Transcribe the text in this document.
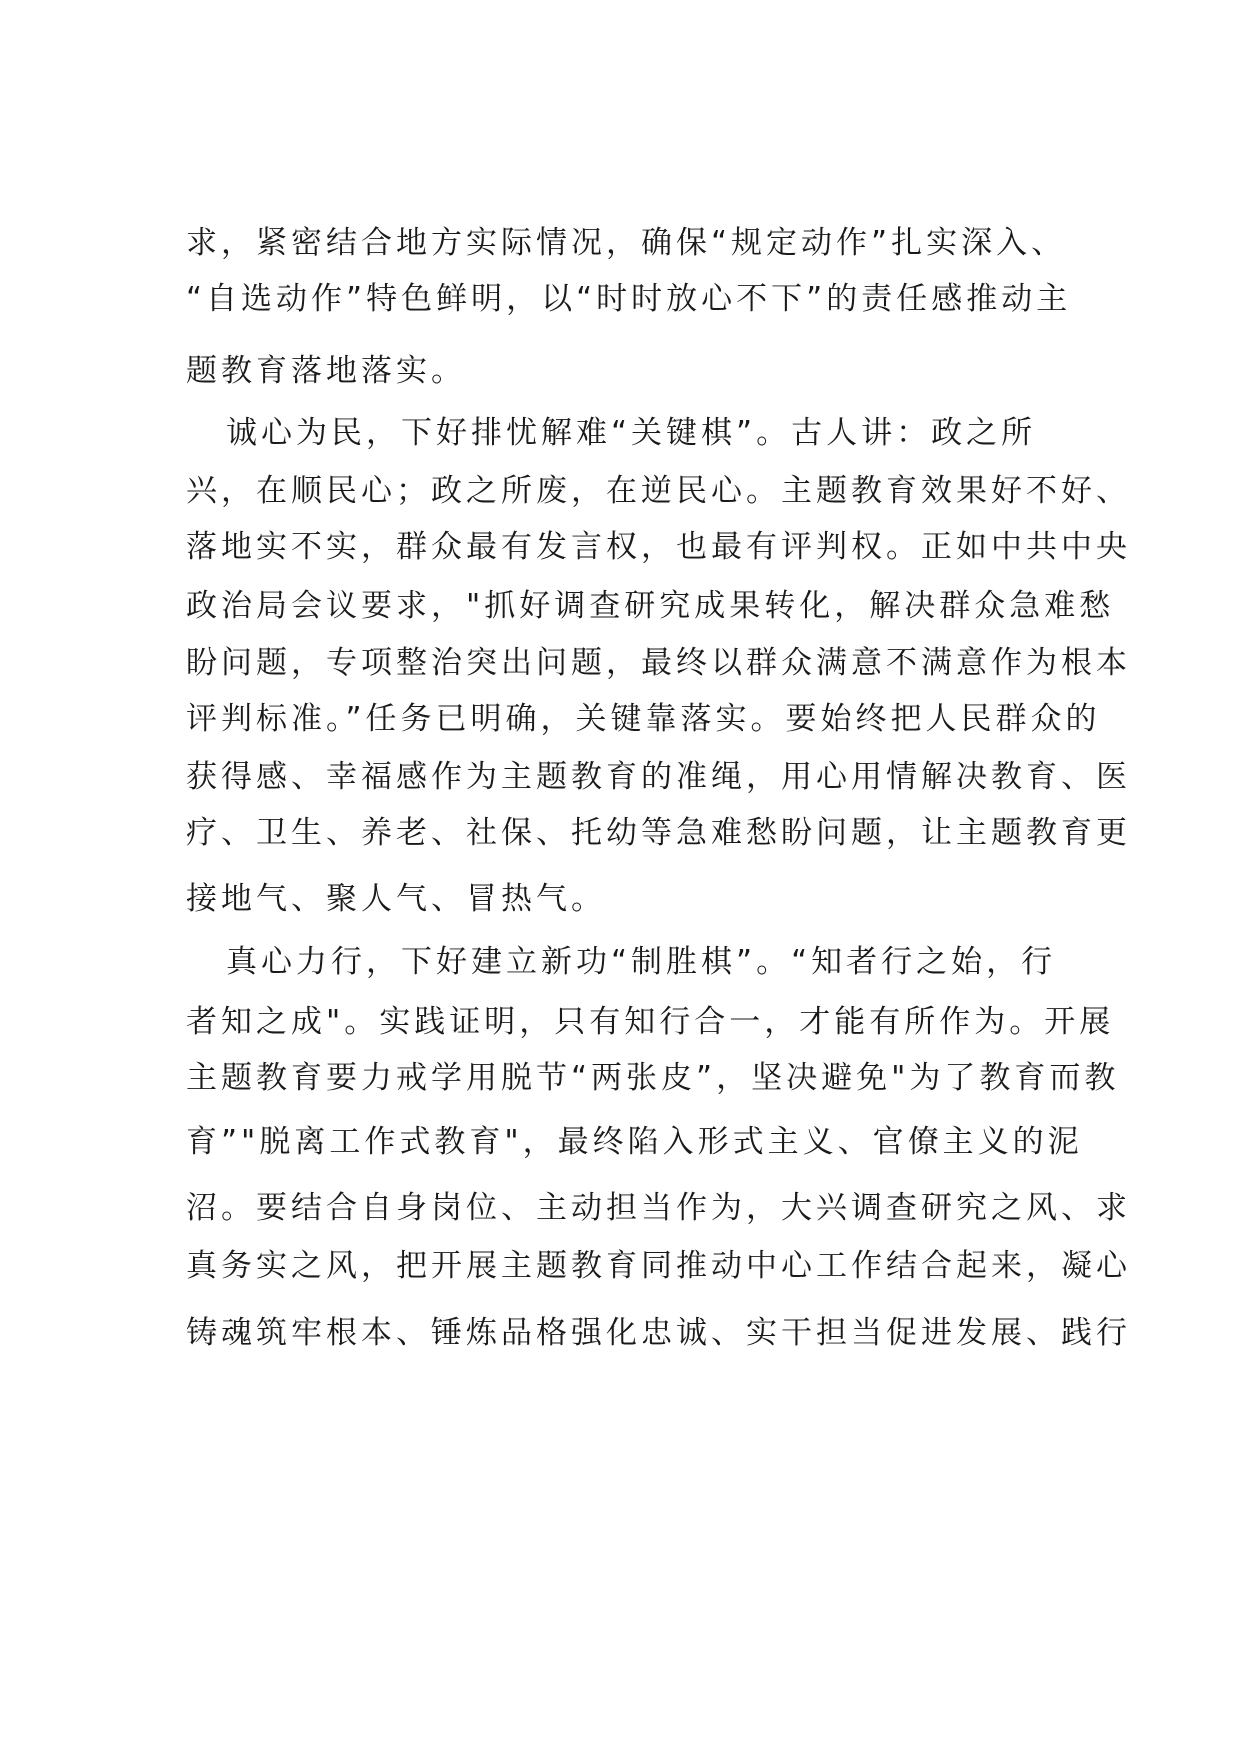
求，紧密结合地方实际情况，确保“规定动作”扎实深入、
“自选动作”特色鲜明，以“时时放心不下”的责任感推动主
题教育落地落实。
诚心为民，下好排忧解难“关键棋”。古人讲：政之所
兴，在顺民心；政之所废，在逆民心。主题教育效果好不好、
落地实不实，群众最有发言权，也最有评判权。正如中共中央
政治局会议要求，"抓好调查研究成果转化，解决群众急难愁
盼问题，专项整治突出问题，最终以群众满意不满意作为根本
评判标准。”任务已明确，关键靠落实。要始终把人民群众的
获得感、幸福感作为主题教育的准绳，用心用情解决教育、医
疗、卫生、养老、社保、托幼等急难愁盼问题，让主题教育更
接地气、聚人气、冒热气。
真心力行，下好建立新功“制胜棋”。“知者行之始，行
者知之成"。实践证明，只有知行合一，才能有所作为。开展
主题教育要力戒学用脱节“两张皮”，坚决避免"为了教育而教
育”"脱离工作式教育"，最终陷入形式主义、官僚主义的泥
沼。要结合自身岗位、主动担当作为，大兴调查研究之风、求
真务实之风，把开展主题教育同推动中心工作结合起来，凝心
铸魂筑牢根本、锤炼品格强化忠诚、实干担当促进发展、践行
